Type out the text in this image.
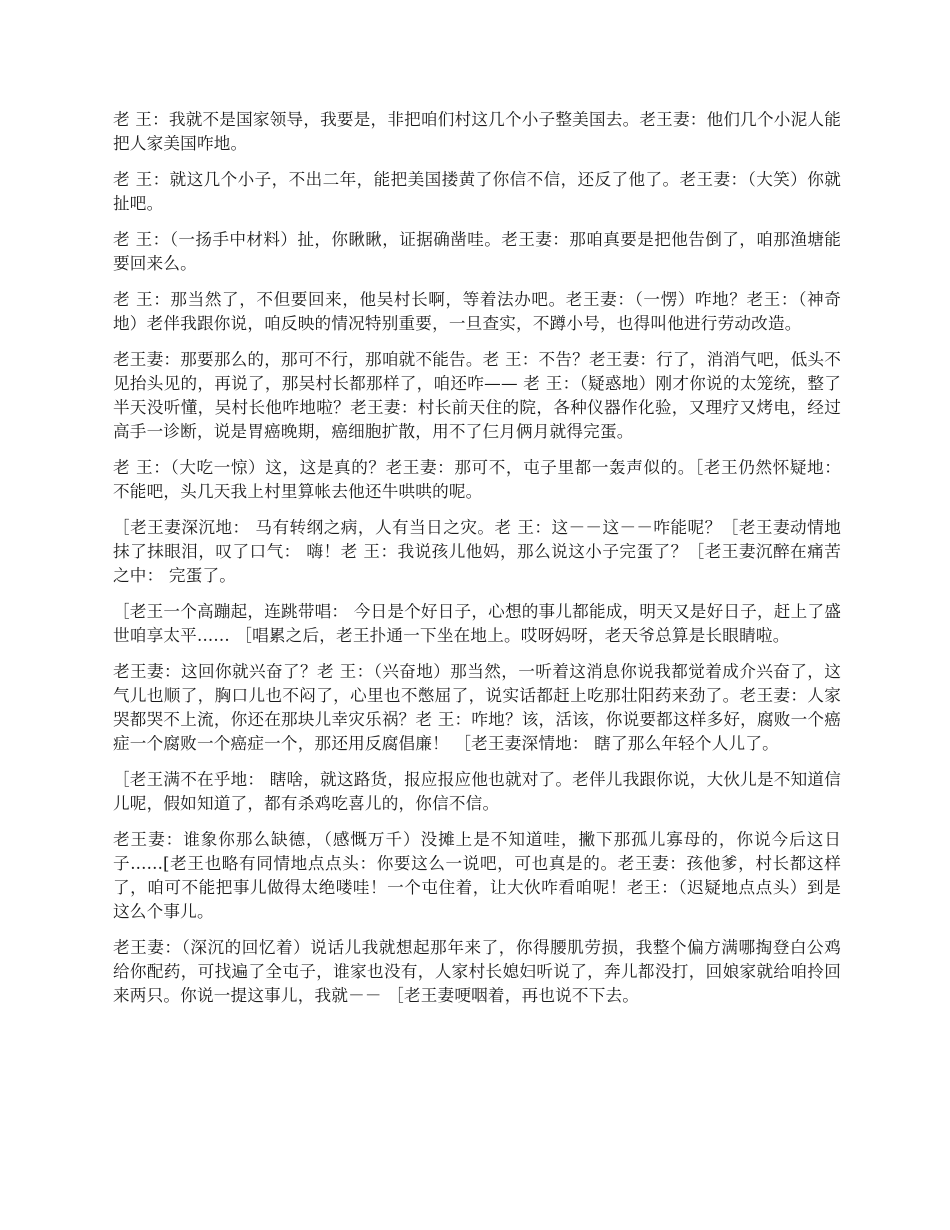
老 王：我就不是国家领导，我要是，非把咱们村这几个小子整美国去。老王妻：他们几个小泥人能把人家美国咋地。

老 王：就这几个小子，不出二年，能把美国搂黄了你信不信，还反了他了。老王妻：（大笑）你就扯吧。

老 王：（一扬手中材料）扯，你瞅瞅，证据确凿哇。老王妻：那咱真要是把他告倒了，咱那渔塘能要回来么。

老 王：那当然了，不但要回来，他吴村长啊，等着法办吧。老王妻：（一愣）咋地？老王：（神奇地）老伴我跟你说，咱反映的情况特别重要，一旦查实，不蹲小号，也得叫他进行劳动改造。

老王妻：那要那么的，那可不行，那咱就不能告。老 王：不告？老王妻：行了，消消气吧，低头不见抬头见的，再说了，那吴村长都那样了，咱还咋—— 老 王：（疑惑地）刚才你说的太笼统，整了半天没听懂，吴村长他咋地啦？老王妻：村长前天住的院，各种仪器作化验，又理疗又烤电，经过高手一诊断，说是胃癌晚期，癌细胞扩散，用不了仨月俩月就得完蛋。

老 王：（大吃一惊）这，这是真的？老王妻：那可不，屯子里都一轰声似的。［老王仍然怀疑地： 不能吧，头几天我上村里算帐去他还牛哄哄的呢。

［老王妻深沉地： 马有转纲之病，人有当日之灾。老 王：这－－这－－咋能呢？［老王妻动情地抹了抹眼泪，叹了口气： 嗨！老 王：我说孩儿他妈，那么说这小子完蛋了？［老王妻沉醉在痛苦之中： 完蛋了。

［老王一个高蹦起，连跳带唱： 今日是个好日子，心想的事儿都能成，明天又是好日子，赶上了盛世咱享太平...... ［唱累之后，老王扑通一下坐在地上。哎呀妈呀，老天爷总算是长眼睛啦。

老王妻：这回你就兴奋了？老 王：（兴奋地）那当然，一听着这消息你说我都觉着成介兴奋了，这气儿也顺了，胸口儿也不闷了，心里也不憋屈了，说实话都赶上吃那壮阳药来劲了。老王妻：人家哭都哭不上流，你还在那块儿幸灾乐祸？老 王：咋地？该，活该，你说要都这样多好，腐败一个癌症一个腐败一个癌症一个，那还用反腐倡廉！ ［老王妻深情地： 瞎了那么年轻个人儿了。

［老王满不在乎地： 瞎啥，就这路货，报应报应他也就对了。老伴儿我跟你说，大伙儿是不知道信儿呢，假如知道了，都有杀鸡吃喜儿的，你信不信。

老王妻：谁象你那么缺德，（感慨万千）没摊上是不知道哇，撇下那孤儿寡母的，你说今后这日子......[老王也略有同情地点点头：你要这么一说吧，可也真是的。老王妻：孩他爹，村长都这样了，咱可不能把事儿做得太绝喽哇！一个屯住着，让大伙咋看咱呢！老王：（迟疑地点点头）到是这么个事儿。

老王妻：（深沉的回忆着）说话儿我就想起那年来了，你得腰肌劳损，我整个偏方满哪掏登白公鸡给你配药，可找遍了全屯子，谁家也没有，人家村长媳妇听说了，奔儿都没打，回娘家就给咱拎回来两只。你说一提这事儿，我就－－ ［老王妻哽咽着，再也说不下去。
